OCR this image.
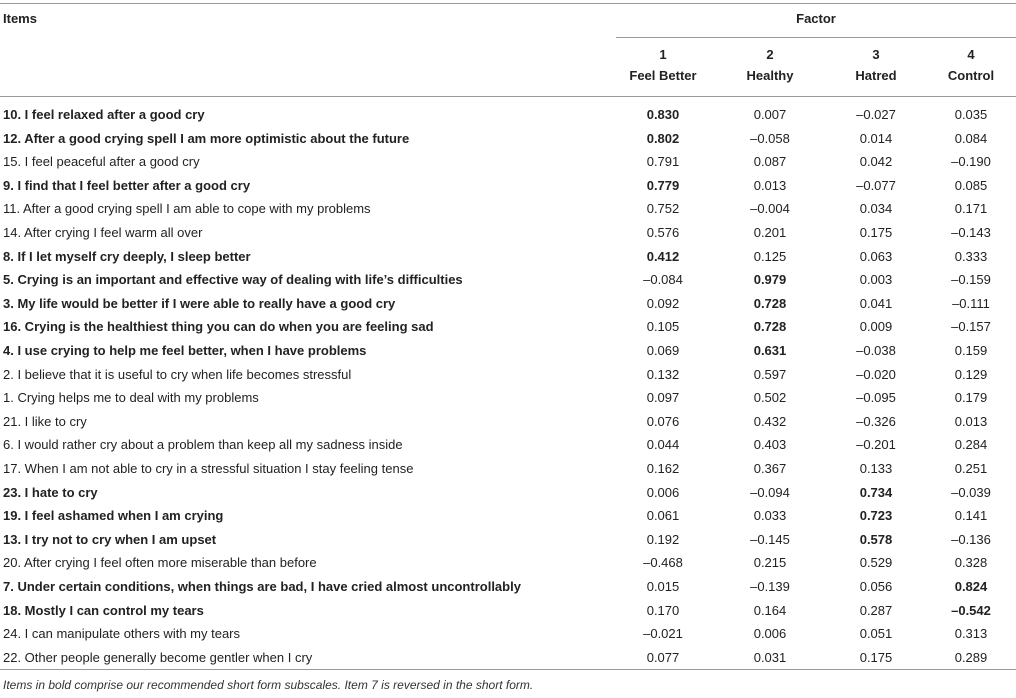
Items	Factor
1	2	3	4
Feel Better	Healthy	Hatred	Control
10. I feel relaxed after a good cry	0.830	0.007	–0.027	0.035
12. After a good crying spell I am more optimistic about the future	0.802	–0.058	0.014	0.084
15. I feel peaceful after a good cry	0.791	0.087	0.042	–0.190
9. I find that I feel better after a good cry	0.779	0.013	–0.077	0.085
11. After a good crying spell I am able to cope with my problems	0.752	–0.004	0.034	0.171
14. After crying I feel warm all over	0.576	0.201	0.175	–0.143
8. If I let myself cry deeply, I sleep better	0.412	0.125	0.063	0.333
5. Crying is an important and effective way of dealing with life’s difficulties	–0.084	0.979	0.003	–0.159
3. My life would be better if I were able to really have a good cry	0.092	0.728	0.041	–0.111
16. Crying is the healthiest thing you can do when you are feeling sad	0.105	0.728	0.009	–0.157
4. I use crying to help me feel better, when I have problems	0.069	0.631	–0.038	0.159
2. I believe that it is useful to cry when life becomes stressful	0.132	0.597	–0.020	0.129
1. Crying helps me to deal with my problems	0.097	0.502	–0.095	0.179
21. I like to cry	0.076	0.432	–0.326	0.013
6. I would rather cry about a problem than keep all my sadness inside	0.044	0.403	–0.201	0.284
17. When I am not able to cry in a stressful situation I stay feeling tense	0.162	0.367	0.133	0.251
23. I hate to cry	0.006	–0.094	0.734	–0.039
19. I feel ashamed when I am crying	0.061	0.033	0.723	0.141
13. I try not to cry when I am upset	0.192	–0.145	0.578	–0.136
20. After crying I feel often more miserable than before	–0.468	0.215	0.529	0.328
7. Under certain conditions, when things are bad, I have cried almost uncontrollably	0.015	–0.139	0.056	0.824
18. Mostly I can control my tears	0.170	0.164	0.287	–0.542
24. I can manipulate others with my tears	–0.021	0.006	0.051	0.313
22. Other people generally become gentler when I cry	0.077	0.031	0.175	0.289
Items in bold comprise our recommended short form subscales. Item 7 is reversed in the short form.
